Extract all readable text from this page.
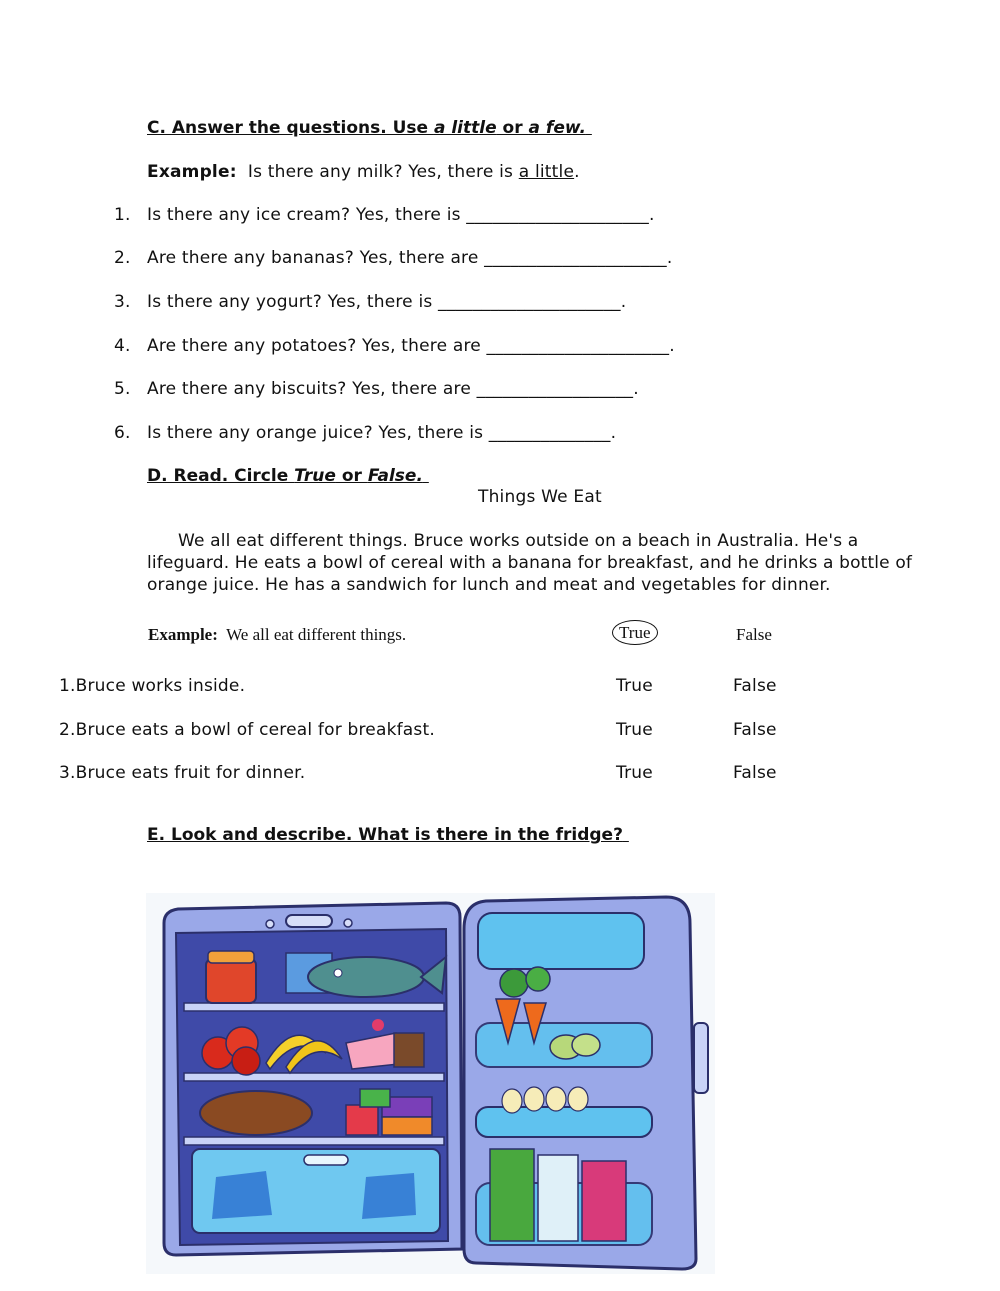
C. Answer the questions. Use a little or a few.
Example: Is there any milk? Yes, there is a little.
1. Is there any ice cream? Yes, there is _____________________.
2. Are there any bananas? Yes, there are _____________________.
3. Is there any yogurt? Yes, there is _____________________.
4. Are there any potatoes? Yes, there are _____________________.
5. Are there any biscuits? Yes, there are __________________.
6. Is there any orange juice? Yes, there is ______________.
D. Read. Circle True or False.
Things We Eat
We all eat different things. Bruce works outside on a beach in Australia. He's a lifeguard. He eats a bowl of cereal with a banana for breakfast, and he drinks a bottle of orange juice. He has a sandwich for lunch and meat and vegetables for dinner.
Example: We all eat different things.	True	False
1.Bruce works inside.	True	False
2.Bruce eats a bowl of cereal for breakfast.	True	False
3.Bruce eats fruit for dinner.	True	False
E. Look and describe. What is there in the fridge?
